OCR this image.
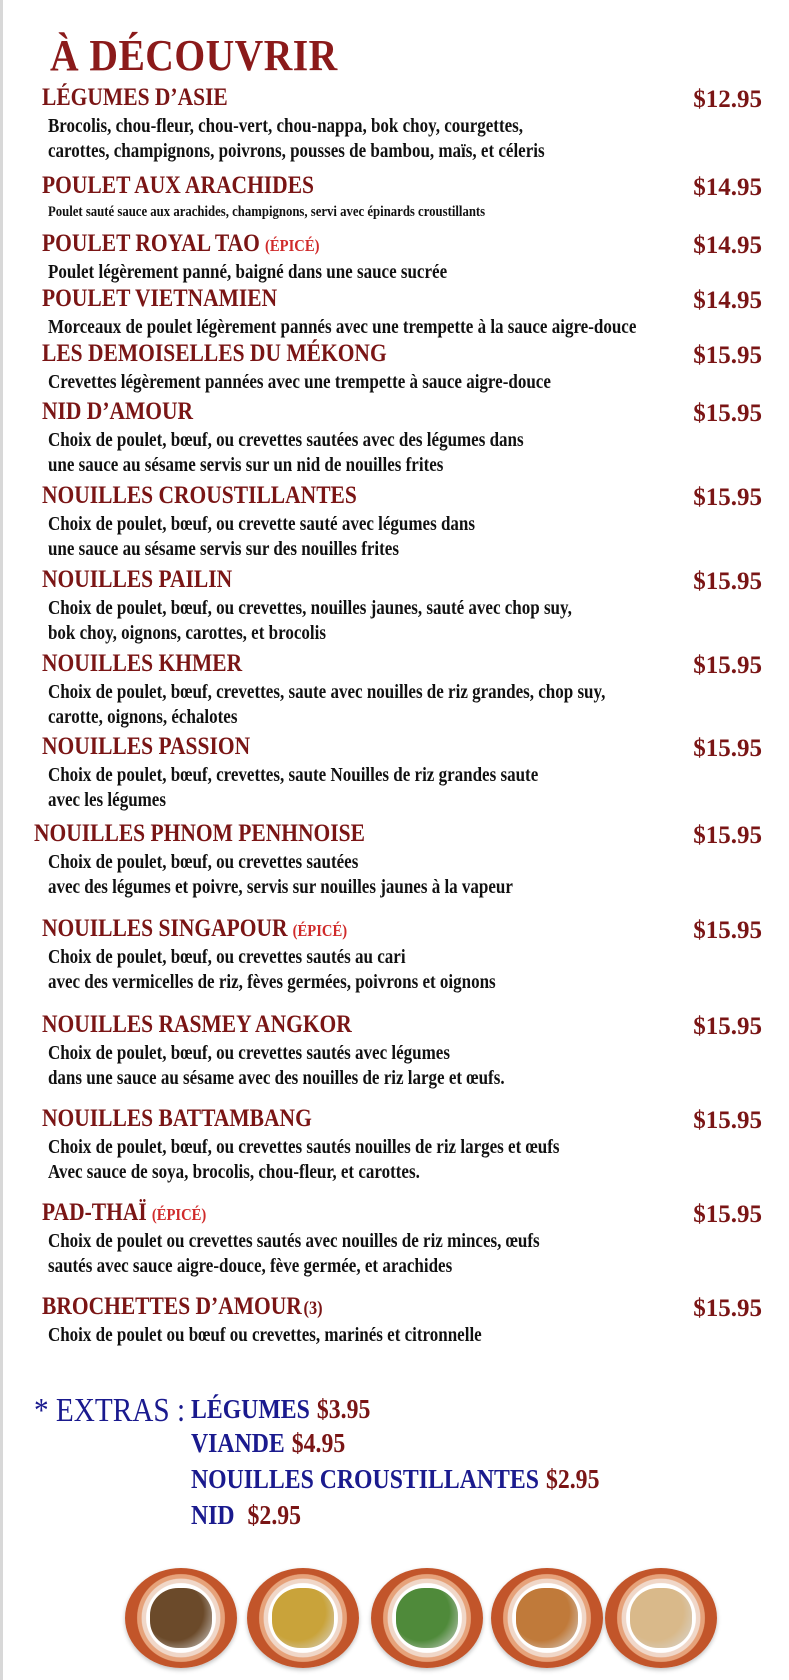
À DÉCOUVRIR
LÉGUMES D’ASIE	$12.95
Brocolis, chou-fleur, chou-vert, chou-nappa, bok choy, courgettes,
carottes, champignons, poivrons, pousses de bambou, maïs, et céleris
POULET AUX ARACHIDES	$14.95
Poulet sauté sauce aux arachides, champignons, servi avec épinards croustillants
POULET ROYAL TAO (ÉPICÉ)	$14.95
Poulet légèrement panné, baigné dans une sauce sucrée
POULET VIETNAMIEN	$14.95
Morceaux de poulet légèrement pannés avec une trempette à la sauce aigre-douce
LES DEMOISELLES DU MÉKONG	$15.95
Crevettes légèrement pannées avec une trempette à sauce aigre-douce
NID D’AMOUR	$15.95
Choix de poulet, bœuf, ou crevettes sautées avec des légumes dans
une sauce au sésame servis sur un nid de nouilles frites
NOUILLES CROUSTILLANTES	$15.95
Choix de poulet, bœuf, ou crevette sauté avec légumes dans
une sauce au sésame servis sur des nouilles frites
NOUILLES PAILIN	$15.95
Choix de poulet, bœuf, ou crevettes, nouilles jaunes, sauté avec chop suy,
bok choy, oignons, carottes, et brocolis
NOUILLES KHMER	$15.95
Choix de poulet, bœuf, crevettes, saute avec nouilles de riz grandes, chop suy,
carotte, oignons, échalotes
NOUILLES PASSION	$15.95
Choix de poulet, bœuf, crevettes, saute Nouilles de riz grandes saute
avec les légumes
NOUILLES PHNOM PENHNOISE	$15.95
Choix de poulet, bœuf, ou crevettes sautées
avec des légumes et poivre, servis sur nouilles jaunes à la vapeur
NOUILLES SINGAPOUR (ÉPICÉ)	$15.95
Choix de poulet, bœuf, ou crevettes sautés au cari
avec des vermicelles de riz, fèves germées, poivrons et oignons
NOUILLES RASMEY ANGKOR	$15.95
Choix de poulet, bœuf, ou crevettes sautés avec légumes
dans une sauce au sésame avec des nouilles de riz large et œufs.
NOUILLES BATTAMBANG	$15.95
Choix de poulet, bœuf, ou crevettes sautés nouilles de riz larges et œufs
Avec sauce de soya, brocolis, chou-fleur, et carottes.
PAD-THAÏ (ÉPICÉ)	$15.95
Choix de poulet ou crevettes sautés avec nouilles de riz minces, œufs
sautés avec sauce aigre-douce, fève germée, et arachides
BROCHETTES D’AMOUR(3)	$15.95
Choix de poulet ou bœuf ou crevettes, marinés et citronnelle
* EXTRAS : LÉGUMES $3.95
VIANDE $4.95
NOUILLES CROUSTILLANTES $2.95
NID $2.95
